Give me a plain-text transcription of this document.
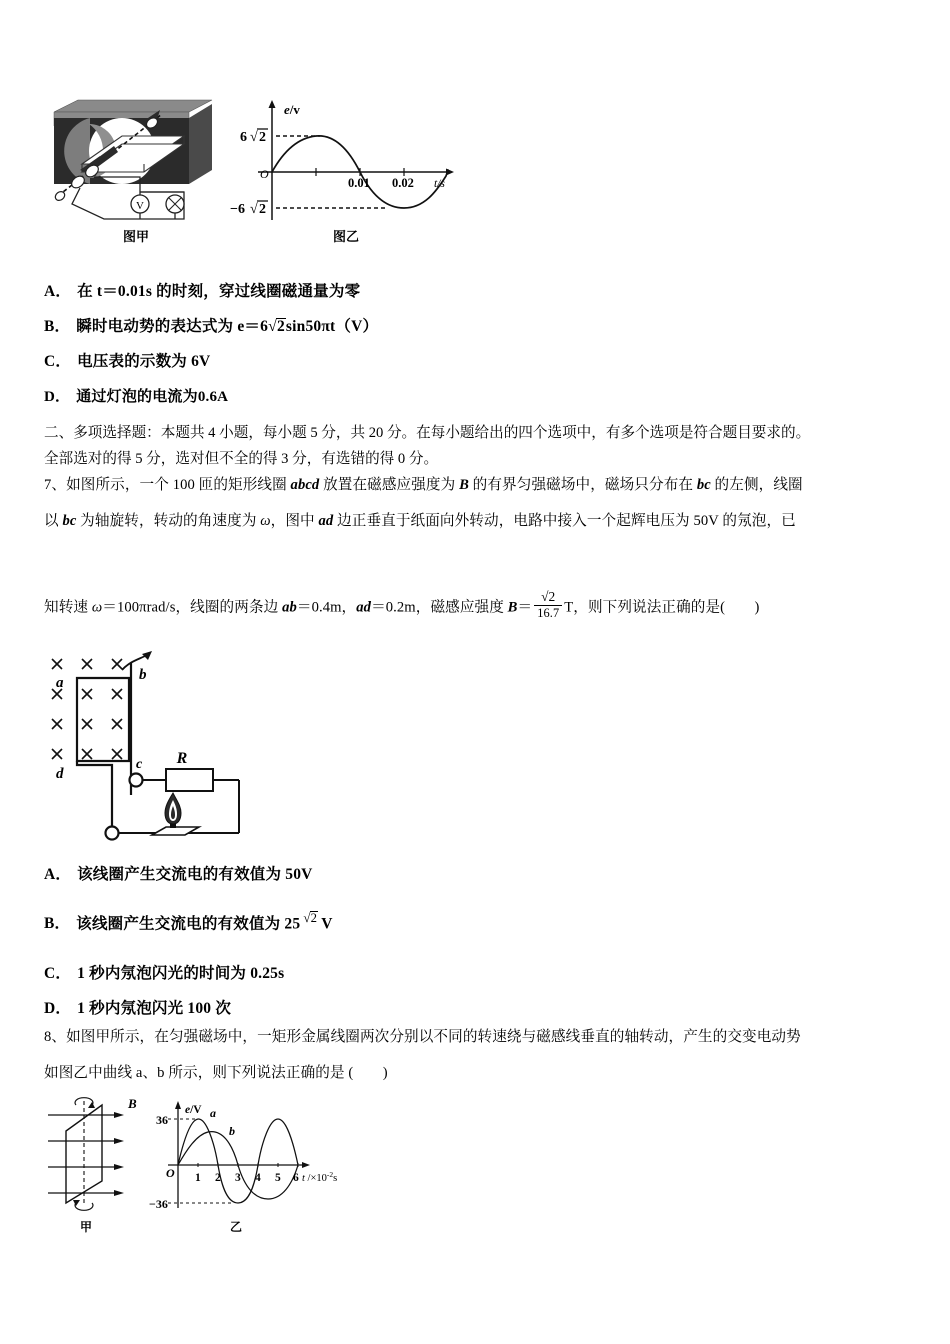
V
e/v
O
t/s
0.01 0.02
6 √ 2
−6 √ 2
图甲	图乙
A． 在 t＝0.01s 的时刻，穿过线圈磁通量为零
B． 瞬时电动势的表达式为 e＝6√2sin50πt（V）
C． 电压表的示数为 6V
D． 通过灯泡的电流为0.6A
二、多项选择题：本题共 4 小题，每小题 5 分，共 20 分。在每小题给出的四个选项中，有多个选项是符合题目要求的。
全部选对的得 5 分，选对但不全的得 3 分，有选错的得 0 分。
7、如图所示，一个 100 匝的矩形线圈 abcd 放置在磁感应强度为 B 的有界匀强磁场中，磁场只分布在 bc 的左侧，线圈
以 bc 为轴旋转，转动的角速度为 ω，图中 ad 边正垂直于纸面向外转动，电路中接入一个起辉电压为 50V 的氖泡，已
知转速 ω＝100πrad/s，线圈的两条边 ab＝0.4m，ad＝0.2m，磁感应强度 $B= \frac{√2}{16.7}$ T，则下列说法正确的是(　　)
a	b
c
d
R
A． 该线圈产生交流电的有效值为 50V
B． 该线圈产生交流电的有效值为 25 √2 V
C． 1 秒内氖泡闪光的时间为 0.25s
D． 1 秒内氖泡闪光 100 次
8、如图甲所示，在匀强磁场中，一矩形金属线圈两次分别以不同的转速绕与磁感线垂直的轴转动，产生的交变电动势
如图乙中曲线 a、b 所示，则下列说法正确的是 (　　)
B
甲
e/V
36
−36
O 1 2 3 4 5 6 t $/\times 10^{-2}s$
a
b
乙
